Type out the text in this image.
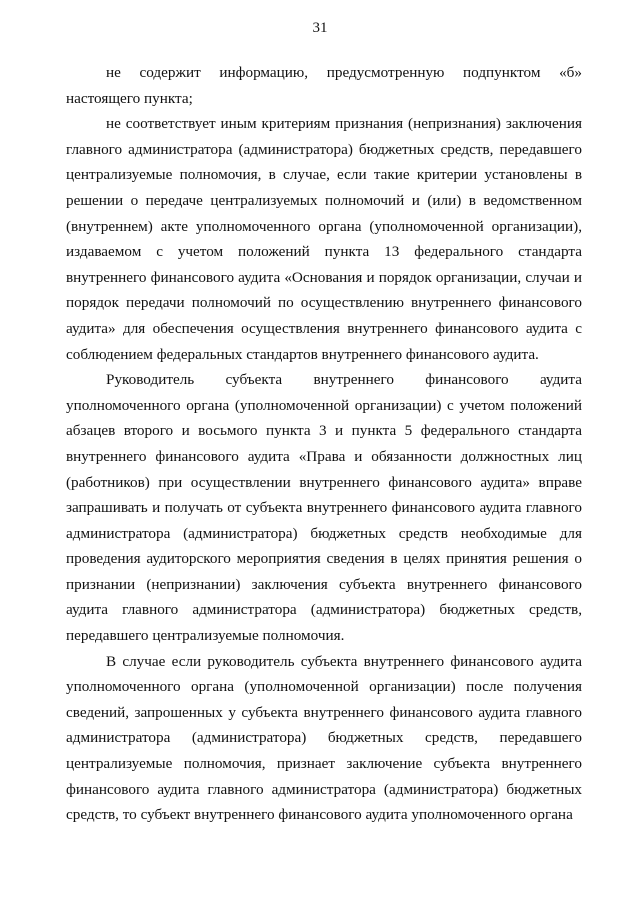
31

не содержит информацию, предусмотренную подпунктом «б» настоящего пункта;

не соответствует иным критериям признания (непризнания) заключения главного администратора (администратора) бюджетных средств, передавшего централизуемые полномочия, в случае, если такие критерии установлены в решении о передаче централизуемых полномочий и (или) в ведомственном (внутреннем) акте уполномоченного органа (уполномоченной организации), издаваемом с учетом положений пункта 13 федерального стандарта внутреннего финансового аудита «Основания и порядок организации, случаи и порядок передачи полномочий по осуществлению внутреннего финансового аудита» для обеспечения осуществления внутреннего финансового аудита с соблюдением федеральных стандартов внутреннего финансового аудита.

Руководитель субъекта внутреннего финансового аудита уполномоченного органа (уполномоченной организации) с учетом положений абзацев второго и восьмого пункта 3 и пункта 5 федерального стандарта внутреннего финансового аудита «Права и обязанности должностных лиц (работников) при осуществлении внутреннего финансового аудита» вправе запрашивать и получать от субъекта внутреннего финансового аудита главного администратора (администратора) бюджетных средств необходимые для проведения аудиторского мероприятия сведения в целях принятия решения о признании (непризнании) заключения субъекта внутреннего финансового аудита главного администратора (администратора) бюджетных средств, передавшего централизуемые полномочия.

В случае если руководитель субъекта внутреннего финансового аудита уполномоченного органа (уполномоченной организации) после получения сведений, запрошенных у субъекта внутреннего финансового аудита главного администратора (администратора) бюджетных средств, передавшего централизуемые полномочия, признает заключение субъекта внутреннего финансового аудита главного администратора (администратора) бюджетных средств, то субъект внутреннего финансового аудита уполномоченного органа
